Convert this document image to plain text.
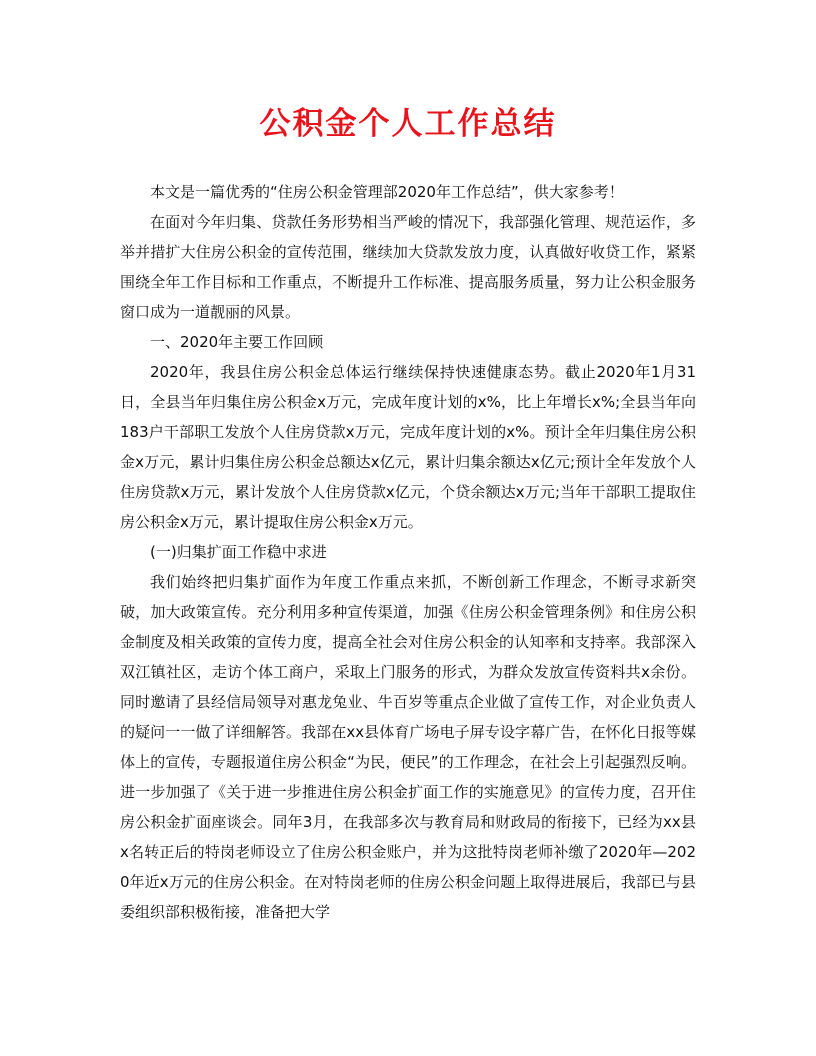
公积金个人工作总结

本文是一篇优秀的“住房公积金管理部2020年工作总结”，供大家参考！

在面对今年归集、贷款任务形势相当严峻的情况下，我部强化管理、规范运作，多举并措扩大住房公积金的宣传范围，继续加大贷款发放力度，认真做好收贷工作，紧紧围绕全年工作目标和工作重点，不断提升工作标准、提高服务质量，努力让公积金服务窗口成为一道靓丽的风景。

一、2020年主要工作回顾

2020年，我县住房公积金总体运行继续保持快速健康态势。截止2020年1月31日，全县当年归集住房公积金x万元，完成年度计划的x%，比上年增长x%;全县当年向183户干部职工发放个人住房贷款x万元，完成年度计划的x%。预计全年归集住房公积金x万元，累计归集住房公积金总额达x亿元，累计归集余额达x亿元;预计全年发放个人住房贷款x万元，累计发放个人住房贷款x亿元，个贷余额达x万元;当年干部职工提取住房公积金x万元，累计提取住房公积金x万元。

(一)归集扩面工作稳中求进

我们始终把归集扩面作为年度工作重点来抓，不断创新工作理念，不断寻求新突破，加大政策宣传。充分利用多种宣传渠道，加强《住房公积金管理条例》和住房公积金制度及相关政策的宣传力度，提高全社会对住房公积金的认知率和支持率。我部深入双江镇社区，走访个体工商户，采取上门服务的形式，为群众发放宣传资料共x余份。同时邀请了县经信局领导对惠龙兔业、牛百岁等重点企业做了宣传工作，对企业负责人的疑问一一做了详细解答。我部在xx县体育广场电子屏专设字幕广告，在怀化日报等媒体上的宣传，专题报道住房公积金“为民，便民”的工作理念，在社会上引起强烈反响。进一步加强了《关于进一步推进住房公积金扩面工作的实施意见》的宣传力度，召开住房公积金扩面座谈会。同年3月，在我部多次与教育局和财政局的衔接下，已经为xx县x名转正后的特岗老师设立了住房公积金账户，并为这批特岗老师补缴了2020年—2020年近x万元的住房公积金。在对特岗老师的住房公积金问题上取得进展后，我部已与县委组织部积极衔接，准备把大学
